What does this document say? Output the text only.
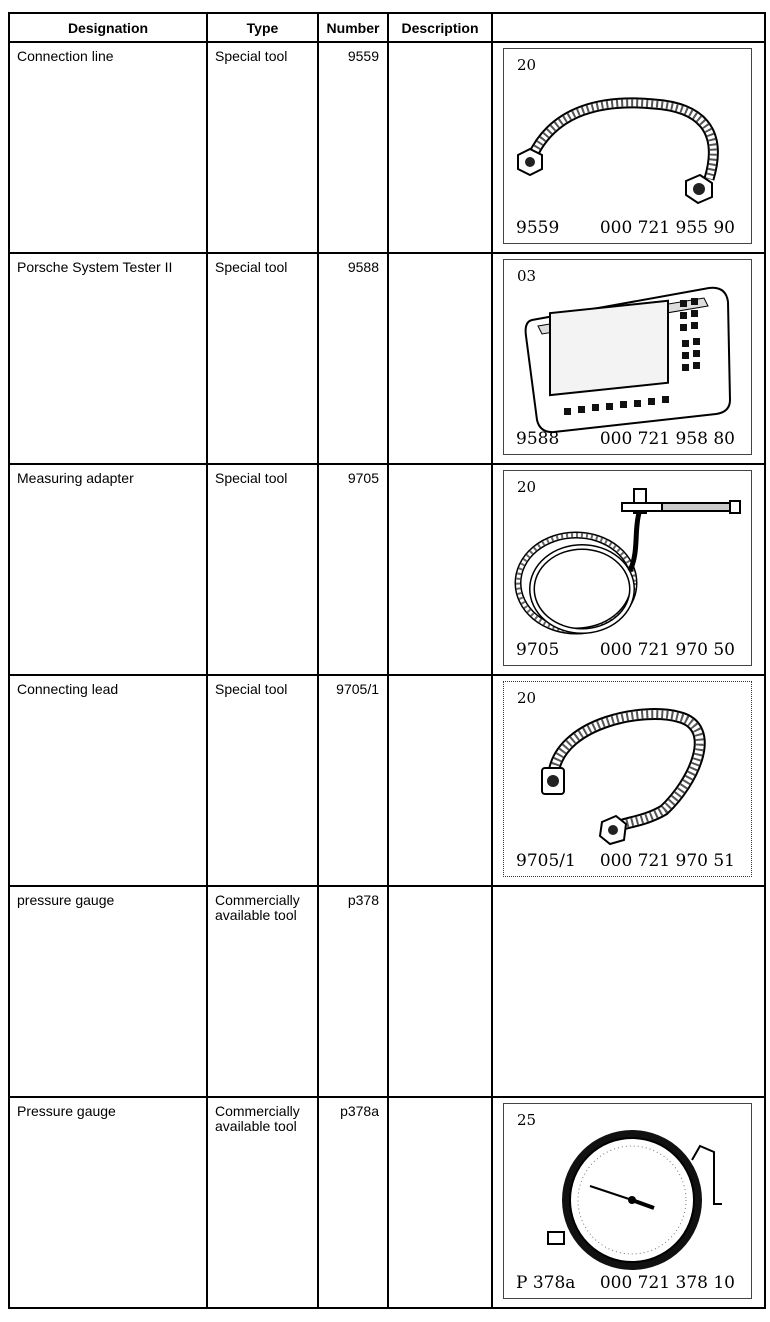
Designation	Type	Number	Description	

Connection line	Special tool	9559		20
9559 000 721 955 90

Porsche System Tester II	Special tool	9588		03
9588 000 721 958 80

Measuring adapter	Special tool	9705		20
9705 000 721 970 50

Connecting lead	Special tool	9705/1		20
9705/1 000 721 970 51

pressure gauge	Commercially available tool	p378		

Pressure gauge	Commercially available tool	p378a		25
P 378a 000 721 378 10
